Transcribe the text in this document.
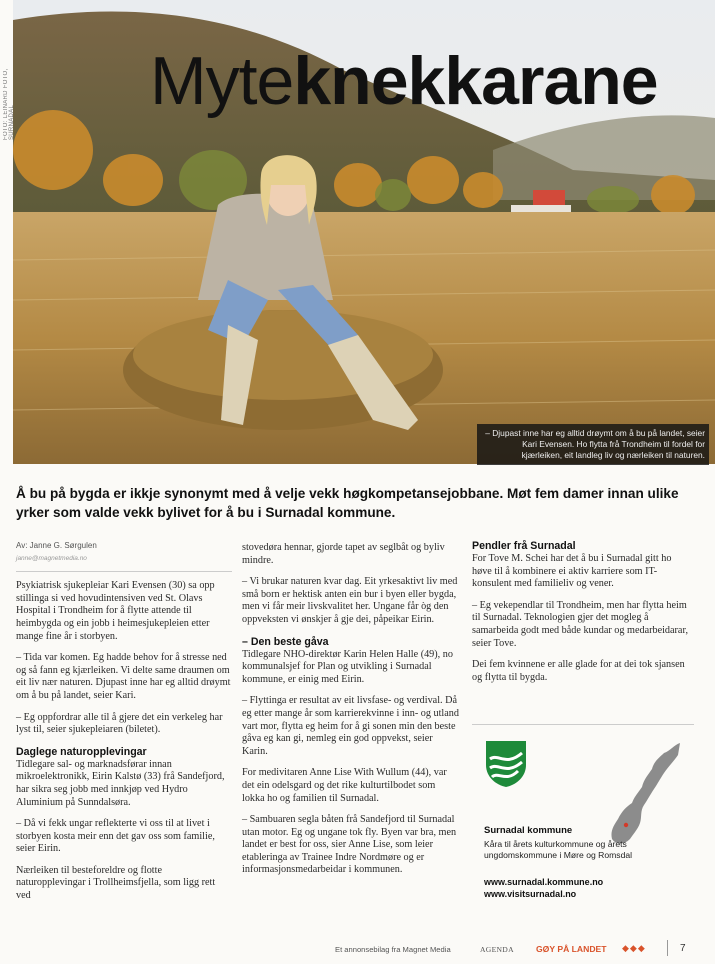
FOTO: LEINARD FOTO, SURNADAL
Myteknekkarane
– Djupast inne har eg alltid drøymt om å bu på landet, seier Kari Evensen. Ho flytta frå Trondheim til fordel for kjærleiken, eit landleg liv og nærleiken til naturen.
Å bu på bygda er ikkje synonymt med å velje vekk høgkompetansejobbane. Møt fem damer innan ulike yrker som valde vekk bylivet for å bu i Surnadal kommune.
Av: Janne G. Sørgulen
janne@magnetmedia.no

Psykiatrisk sjukepleiar Kari Evensen (30) sa opp stillinga si ved hovudintensiven ved St. Olavs Hospital i Trondheim for å flytte attende til heimbygda og ein jobb i heimesjukepleien etter mange fine år i storbyen.

– Tida var komen. Eg hadde behov for å stresse ned og så fann eg kjærleiken. Vi delte same draumen om eit liv nær naturen. Djupast inne har eg alltid drøymt om å bu på landet, seier Kari.

– Eg oppfordrar alle til å gjere det ein verkeleg har lyst til, seier sjukepleiaren (biletet).

Daglege naturopplevingar

Tidlegare sal- og marknadsførar innan mikroelektronikk, Eirin Kalstø (33) frå Sandefjord, har sikra seg jobb med innkjøp ved Hydro Aluminium på Sunndalsøra.

– Då vi fekk ungar reflekterte vi oss til at livet i storbyen kosta meir enn det gav oss som familie, seier Eirin.

Nærleiken til besteforeldre og flotte naturopplevingar i Trollheimsfjella, som ligg rett ved

stovedøra hennar, gjorde tapet av seglbåt og byliv mindre.

– Vi brukar naturen kvar dag. Eit yrkesaktivt liv med små born er hektisk anten ein bur i byen eller bygda, men vi får meir livskvalitet her. Ungane får òg den oppveksten vi ønskjer å gje dei, påpeikar Eirin.

– Den beste gåva

Tidlegare NHO-direktør Karin Helen Halle (49), no kommunalsjef for Plan og utvikling i Surnadal kommune, er einig med Eirin.

– Flyttinga er resultat av eit livsfase- og verdival. Då eg etter mange år som karrierekvinne i inn- og utland vart mor, flytta eg heim for å gi sonen min den beste gåva eg kan gi, nemleg ein god oppvekst, seier Karin.

For medivitaren Anne Lise With Wullum (44), var det ein odelsgard og det rike kulturtilbodet som lokka ho og familien til Surnadal.

– Sambuaren segla båten frå Sandefjord til Surnadal utan motor. Eg og ungane tok fly. Byen var bra, men landet er best for oss, sier Anne Lise, som leier etableringa av Trainee Indre Nordmøre og er informasjonsmedarbeidar i kommunen.

Pendler frå Surnadal

For Tove M. Schei har det å bu i Surnadal gitt ho høve til å kombinere ei aktiv karriere som IT-konsulent med familieliv og vener.

– Eg vekependlar til Trondheim, men har flytta heim til Surnadal. Teknologien gjer det mogleg å samarbeida godt med både kundar og medarbeidarar, seier Tove.

Dei fem kvinnene er alle glade for at dei tok sjansen og flytta til bygda.

Surnadal kommune
Kåra til årets kulturkommune og årets ungdomskommune i Møre og Romsdal
www.surnadal.kommune.no
www.visitsurnadal.no
Et annonsebilag fra Magnet Media	AGENDA	GØY PÅ LANDET ◆◆◆	7
